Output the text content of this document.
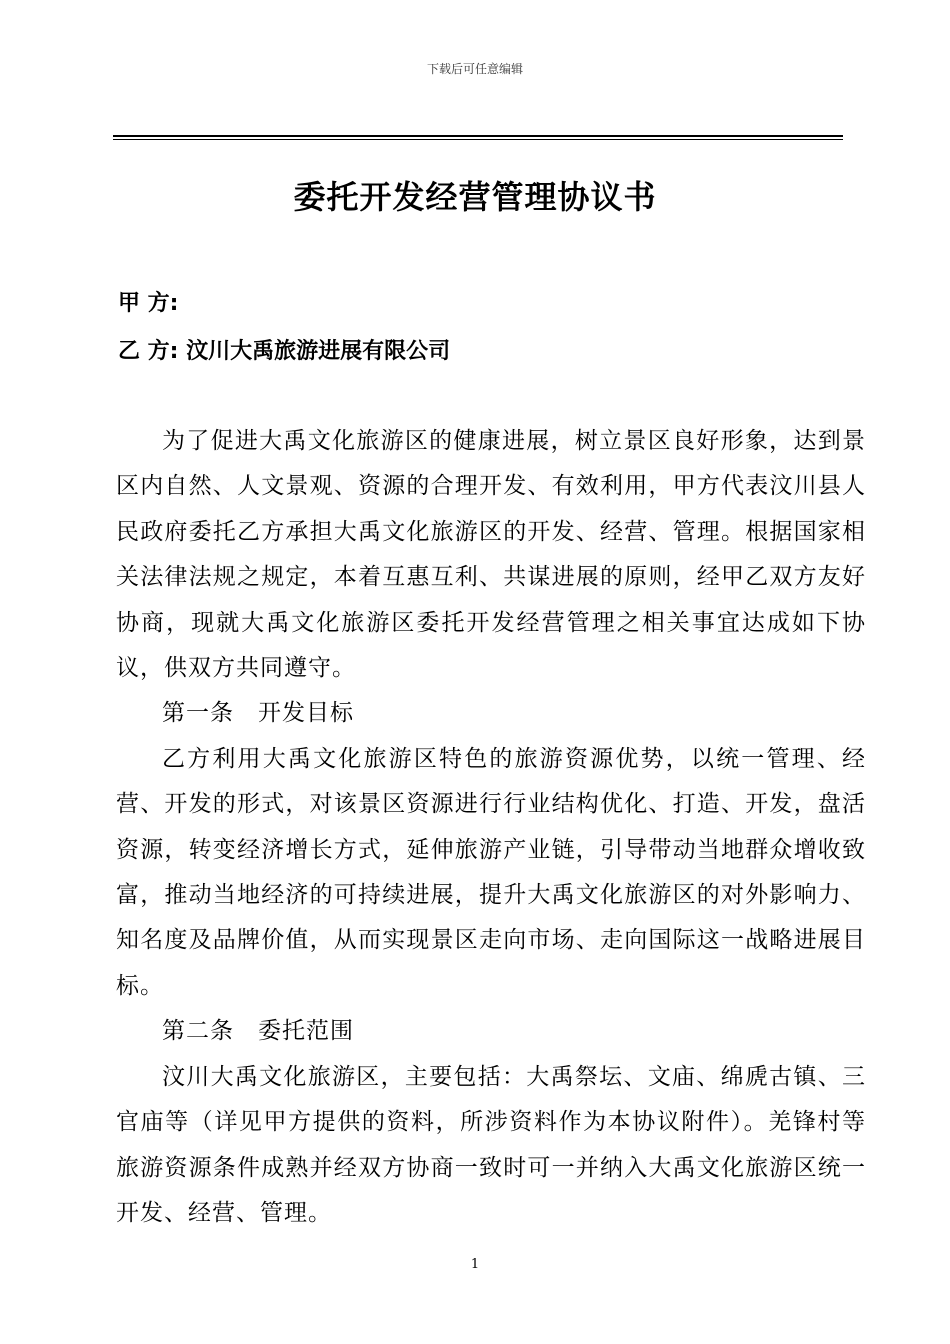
下载后可任意编辑
委托开发经营管理协议书
甲 方:
乙 方: 汶川大禹旅游进展有限公司

为了促进大禹文化旅游区的健康进展，树立景区良好形象，达到景区内自然、人文景观、资源的合理开发、有效利用，甲方代表汶川县人民政府委托乙方承担大禹文化旅游区的开发、经营、管理。根据国家相关法律法规之规定，本着互惠互利、共谋进展的原则，经甲乙双方友好协商，现就大禹文化旅游区委托开发经营管理之相关事宜达成如下协议，供双方共同遵守。

第一条　开发目标

乙方利用大禹文化旅游区特色的旅游资源优势，以统一管理、经营、开发的形式，对该景区资源进行行业结构优化、打造、开发，盘活资源，转变经济增长方式，延伸旅游产业链，引导带动当地群众增收致富，推动当地经济的可持续进展，提升大禹文化旅游区的对外影响力、知名度及品牌价值，从而实现景区走向市场、走向国际这一战略进展目标。

第二条　委托范围

汶川大禹文化旅游区，主要包括：大禹祭坛、文庙、绵虒古镇、三官庙等（详见甲方提供的资料，所涉资料作为本协议附件）。羌锋村等旅游资源条件成熟并经双方协商一致时可一并纳入大禹文化旅游区统一开发、经营、管理。

1
